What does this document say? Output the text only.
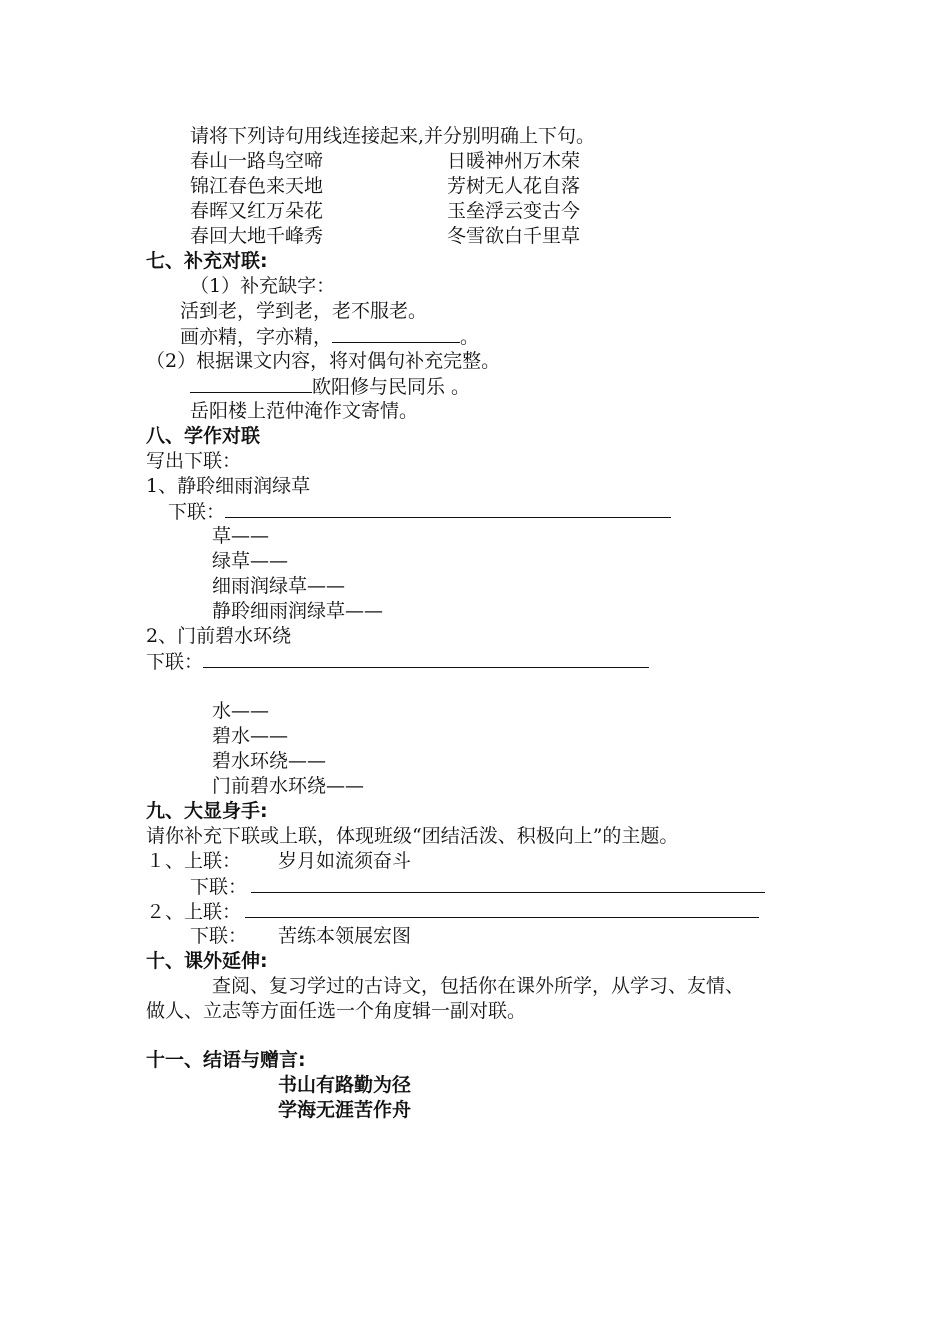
请将下列诗句用线连接起来,并分别明确上下句。
春山一路鸟空啼	日暖神州万木荣
锦江春色来天地	芳树无人花自落
春晖又红万朵花	玉垒浮云变古今
春回大地千峰秀	冬雪欲白千里草
七、补充对联:
（1）补充缺字：
活到老，学到老，老不服老。
画亦精，字亦精，	。
（2）根据课文内容，将对偶句补充完整。
欧阳修与民同乐 。
岳阳楼上范仲淹作文寄情。
八、学作对联
写出下联：
1、静聆细雨润绿草
下联：
草——
绿草——
细雨润绿草——
静聆细雨润绿草——
2、门前碧水环绕
下联：
水——
碧水——
碧水环绕——
门前碧水环绕——
九、大显身手:
请你补充下联或上联，体现班级“团结活泼、积极向上”的主题。
１、上联： 岁月如流须奋斗
下联：
２、上联：
下联： 苦练本领展宏图
十、课外延伸:
查阅、复习学过的古诗文，包括你在课外所学，从学习、友情、
做人、立志等方面任选一个角度辑一副对联。
十一、结语与赠言:
书山有路勤为径
学海无涯苦作舟
